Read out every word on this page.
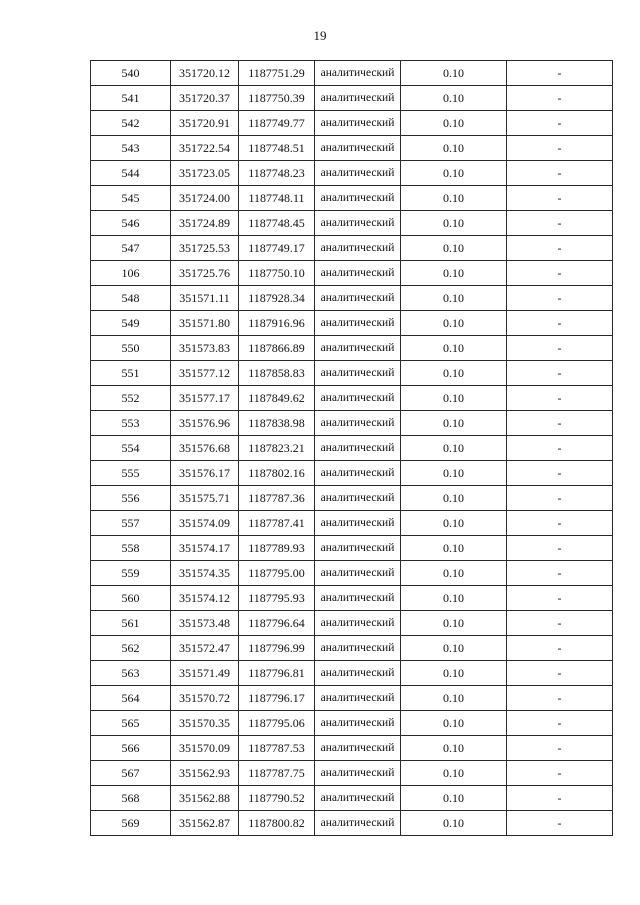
19
540	351720.12	1187751.29	аналитический	0.10	-
541	351720.37	1187750.39	аналитический	0.10	-
542	351720.91	1187749.77	аналитический	0.10	-
543	351722.54	1187748.51	аналитический	0.10	-
544	351723.05	1187748.23	аналитический	0.10	-
545	351724.00	1187748.11	аналитический	0.10	-
546	351724.89	1187748.45	аналитический	0.10	-
547	351725.53	1187749.17	аналитический	0.10	-
106	351725.76	1187750.10	аналитический	0.10	-
548	351571.11	1187928.34	аналитический	0.10	-
549	351571.80	1187916.96	аналитический	0.10	-
550	351573.83	1187866.89	аналитический	0.10	-
551	351577.12	1187858.83	аналитический	0.10	-
552	351577.17	1187849.62	аналитический	0.10	-
553	351576.96	1187838.98	аналитический	0.10	-
554	351576.68	1187823.21	аналитический	0.10	-
555	351576.17	1187802.16	аналитический	0.10	-
556	351575.71	1187787.36	аналитический	0.10	-
557	351574.09	1187787.41	аналитический	0.10	-
558	351574.17	1187789.93	аналитический	0.10	-
559	351574.35	1187795.00	аналитический	0.10	-
560	351574.12	1187795.93	аналитический	0.10	-
561	351573.48	1187796.64	аналитический	0.10	-
562	351572.47	1187796.99	аналитический	0.10	-
563	351571.49	1187796.81	аналитический	0.10	-
564	351570.72	1187796.17	аналитический	0.10	-
565	351570.35	1187795.06	аналитический	0.10	-
566	351570.09	1187787.53	аналитический	0.10	-
567	351562.93	1187787.75	аналитический	0.10	-
568	351562.88	1187790.52	аналитический	0.10	-
569	351562.87	1187800.82	аналитический	0.10	-
